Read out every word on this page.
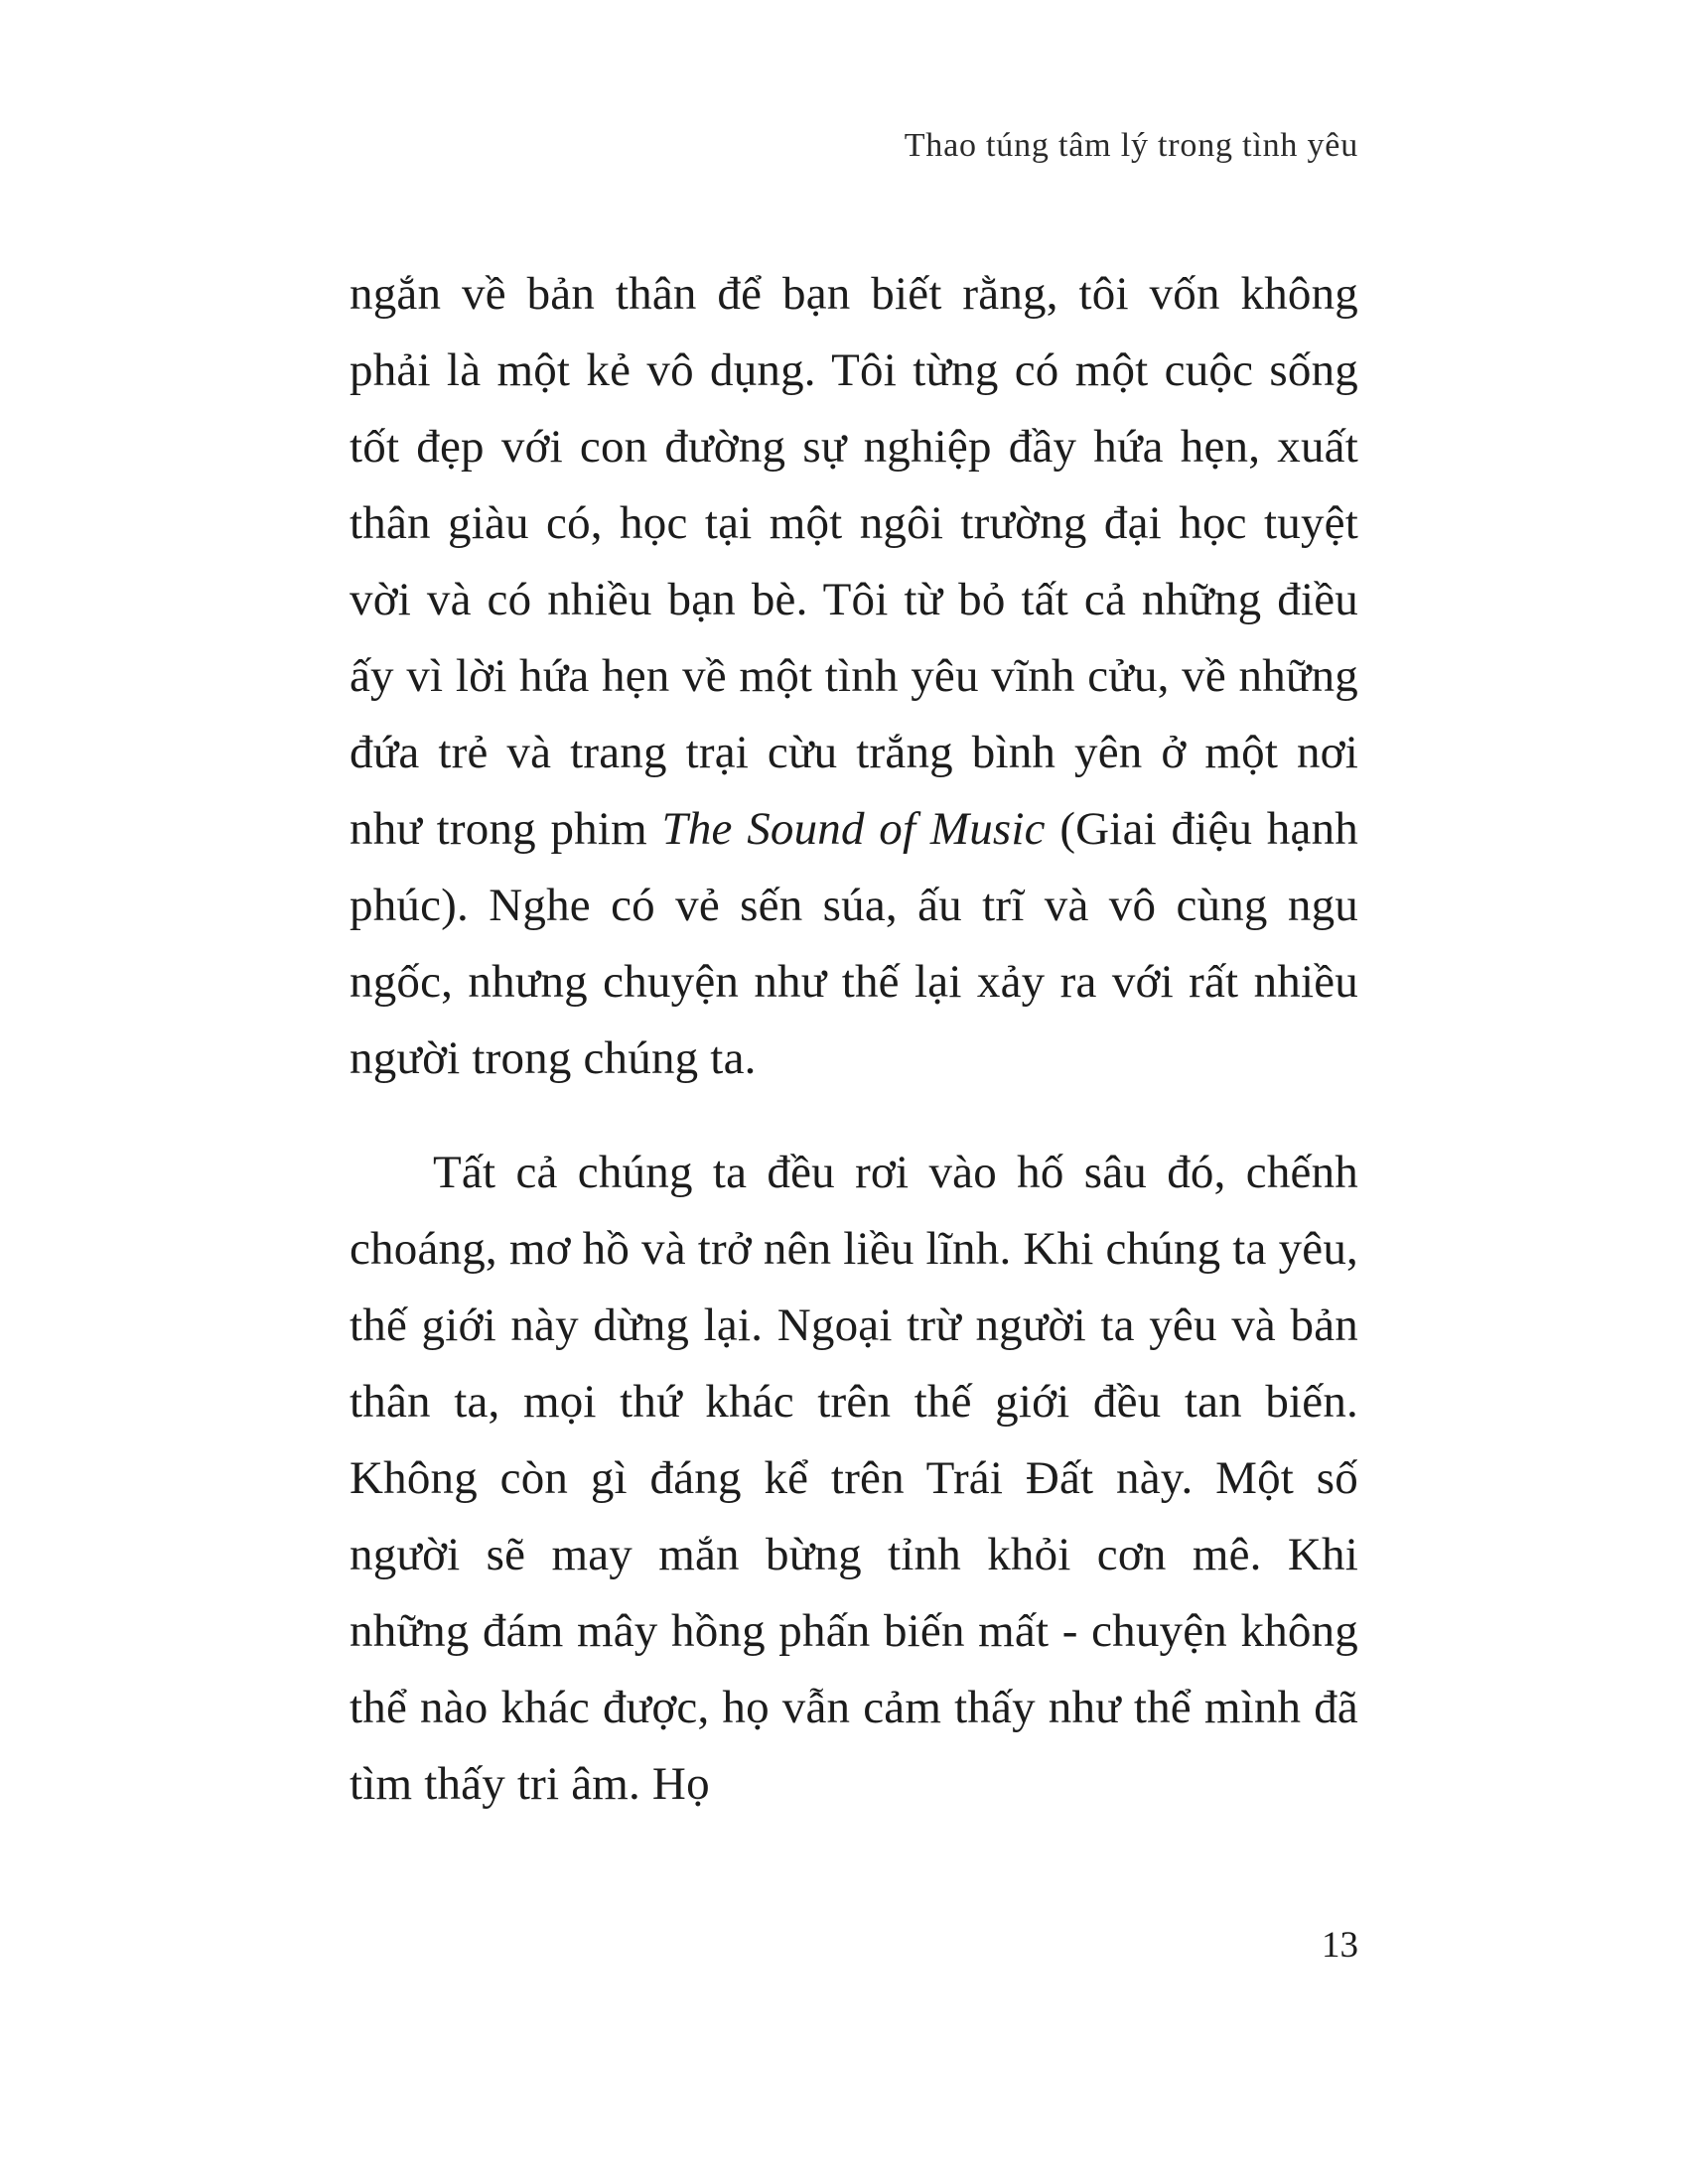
Thao túng tâm lý trong tình yêu

ngắn về bản thân để bạn biết rằng, tôi vốn không phải là một kẻ vô dụng. Tôi từng có một cuộc sống tốt đẹp với con đường sự nghiệp đầy hứa hẹn, xuất thân giàu có, học tại một ngôi trường đại học tuyệt vời và có nhiều bạn bè. Tôi từ bỏ tất cả những điều ấy vì lời hứa hẹn về một tình yêu vĩnh cửu, về những đứa trẻ và trang trại cừu trắng bình yên ở một nơi như trong phim The Sound of Music (Giai điệu hạnh phúc). Nghe có vẻ sến súa, ấu trĩ và vô cùng ngu ngốc, nhưng chuyện như thế lại xảy ra với rất nhiều người trong chúng ta.

Tất cả chúng ta đều rơi vào hố sâu đó, chếnh choáng, mơ hồ và trở nên liều lĩnh. Khi chúng ta yêu, thế giới này dừng lại. Ngoại trừ người ta yêu và bản thân ta, mọi thứ khác trên thế giới đều tan biến. Không còn gì đáng kể trên Trái Đất này. Một số người sẽ may mắn bừng tỉnh khỏi cơn mê. Khi những đám mây hồng phấn biến mất - chuyện không thể nào khác được, họ vẫn cảm thấy như thể mình đã tìm thấy tri âm. Họ

13
